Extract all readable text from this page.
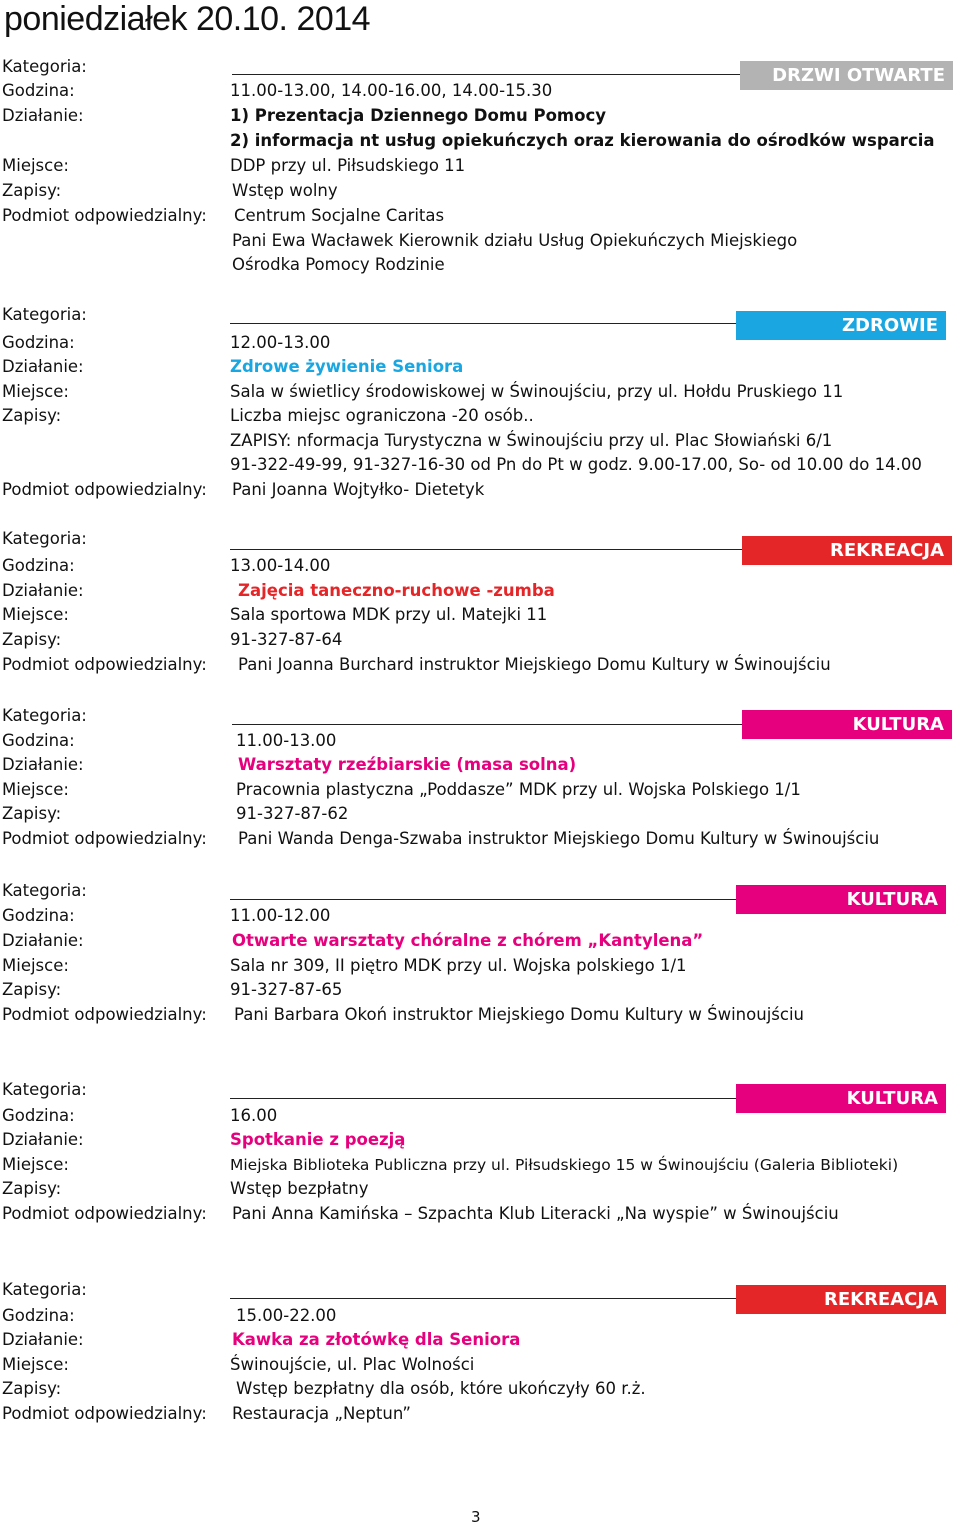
poniedziałek 20.10. 2014
DRZWI OTWARTE
Kategoria:
Godzina:	11.00-13.00, 14.00-16.00, 14.00-15.30
Działanie:	1) Prezentacja Dziennego Domu Pomocy
2) informacja nt usług opiekuńczych oraz kierowania do ośrodków wsparcia
Miejsce:	DDP przy ul. Piłsudskiego 11
Zapisy:	Wstęp wolny
Podmiot odpowiedzialny: Centrum Socjalne Caritas
Pani Ewa Wacławek Kierownik działu Usług Opiekuńczych Miejskiego
Ośrodka Pomocy Rodzinie
ZDROWIE
Kategoria:
Godzina:	12.00-13.00
Działanie:	Zdrowe żywienie Seniora
Miejsce:	Sala w świetlicy środowiskowej w Świnoujściu, przy ul. Hołdu Pruskiego 11
Zapisy:	Liczba miejsc ograniczona -20 osób..
ZAPISY: nformacja Turystyczna w Świnoujściu przy ul. Plac Słowiański 6/1
91-322-49-99, 91-327-16-30 od Pn do Pt w godz. 9.00-17.00, So- od 10.00 do 14.00
Podmiot odpowiedzialny: Pani Joanna Wojtyłko- Dietetyk
REKREACJA
Kategoria:
Godzina:	13.00-14.00
Działanie:	Zajęcia taneczno-ruchowe -zumba
Miejsce:	Sala sportowa MDK przy ul. Matejki 11
Zapisy:	91-327-87-64
Podmiot odpowiedzialny: Pani Joanna Burchard instruktor Miejskiego Domu Kultury w Świnoujściu
KULTURA
Kategoria:
Godzina:	11.00-13.00
Działanie:	Warsztaty rzeźbiarskie (masa solna)
Miejsce:	Pracownia plastyczna „Poddasze” MDK przy ul. Wojska Polskiego 1/1
Zapisy:	91-327-87-62
Podmiot odpowiedzialny: Pani Wanda Denga-Szwaba instruktor Miejskiego Domu Kultury w Świnoujściu
KULTURA
Kategoria:
Godzina:	11.00-12.00
Działanie:	Otwarte warsztaty chóralne z chórem „Kantylena”
Miejsce:	Sala nr 309, II piętro MDK przy ul. Wojska polskiego 1/1
Zapisy:	91-327-87-65
Podmiot odpowiedzialny: Pani Barbara Okoń instruktor Miejskiego Domu Kultury w Świnoujściu
KULTURA
Kategoria:
Godzina:	16.00
Działanie:	Spotkanie z poezją
Miejsce:	Miejska Biblioteka Publiczna przy ul. Piłsudskiego 15 w Świnoujściu (Galeria Biblioteki)
Zapisy:	Wstęp bezpłatny
Podmiot odpowiedzialny: Pani Anna Kamińska – Szpachta Klub Literacki „Na wyspie” w Świnoujściu
REKREACJA
Kategoria:
Godzina:	15.00-22.00
Działanie:	Kawka za złotówkę dla Seniora
Miejsce:	Świnoujście, ul. Plac Wolności
Zapisy:	Wstęp bezpłatny dla osób, które ukończyły 60 r.ż.
Podmiot odpowiedzialny: Restauracja „Neptun”
3
